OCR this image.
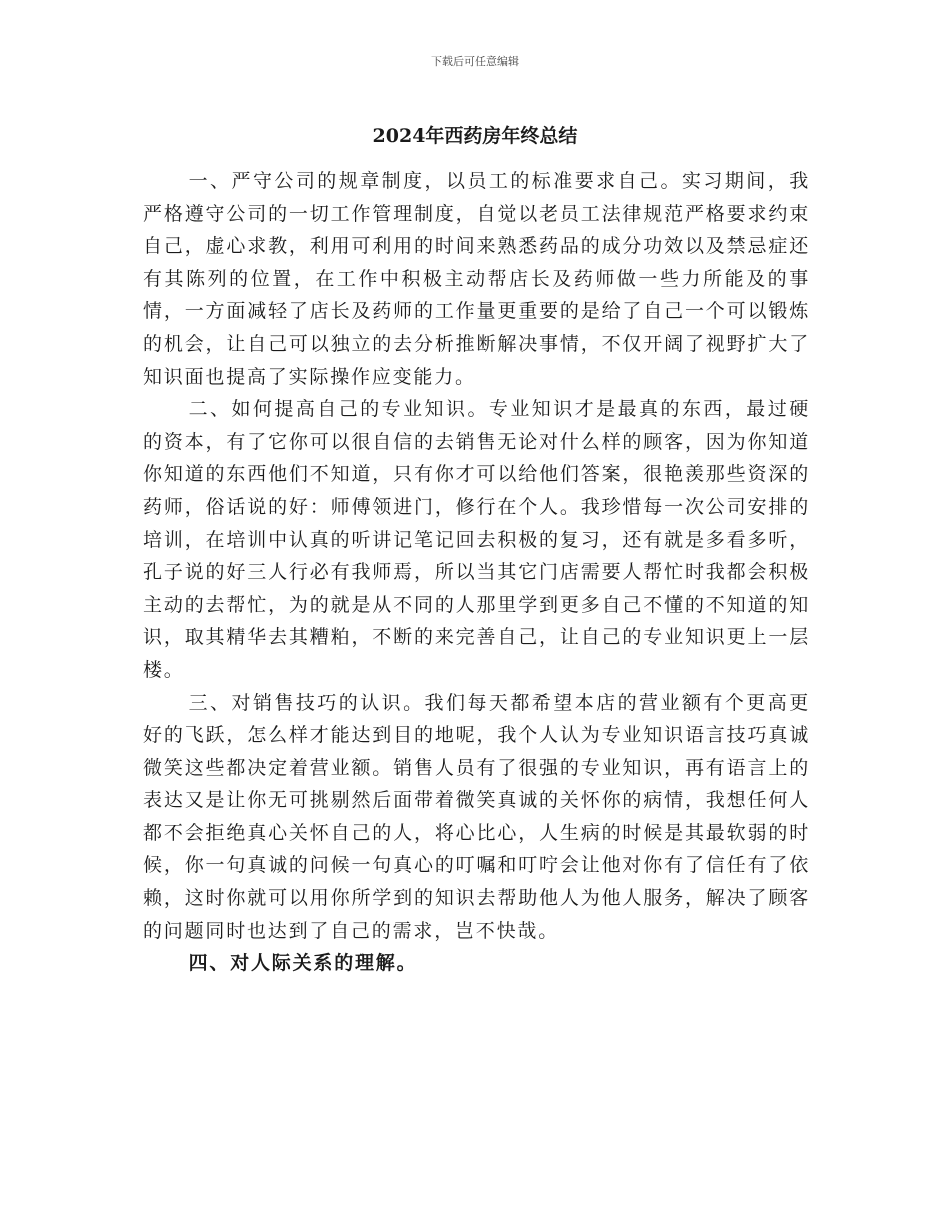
下载后可任意编辑
2024年西药房年终总结

一、严守公司的规章制度，以员工的标准要求自己。实习期间，我严格遵守公司的一切工作管理制度，自觉以老员工法律规范严格要求约束自己，虚心求教，利用可利用的时间来熟悉药品的成分功效以及禁忌症还有其陈列的位置，在工作中积极主动帮店长及药师做一些力所能及的事情，一方面减轻了店长及药师的工作量更重要的是给了自己一个可以锻炼的机会，让自己可以独立的去分析推断解决事情，不仅开阔了视野扩大了知识面也提高了实际操作应变能力。

二、如何提高自己的专业知识。专业知识才是最真的东西，最过硬的资本，有了它你可以很自信的去销售无论对什么样的顾客，因为你知道你知道的东西他们不知道，只有你才可以给他们答案，很艳羡那些资深的药师，俗话说的好：师傅领进门，修行在个人。我珍惜每一次公司安排的培训，在培训中认真的听讲记笔记回去积极的复习，还有就是多看多听，孔子说的好三人行必有我师焉，所以当其它门店需要人帮忙时我都会积极主动的去帮忙，为的就是从不同的人那里学到更多自己不懂的不知道的知识，取其精华去其糟粕，不断的来完善自己，让自己的专业知识更上一层楼。

三、对销售技巧的认识。我们每天都希望本店的营业额有个更高更好的飞跃，怎么样才能达到目的地呢，我个人认为专业知识语言技巧真诚微笑这些都决定着营业额。销售人员有了很强的专业知识，再有语言上的表达又是让你无可挑剔然后面带着微笑真诚的关怀你的病情，我想任何人都不会拒绝真心关怀自己的人，将心比心，人生病的时候是其最软弱的时候，你一句真诚的问候一句真心的叮嘱和叮咛会让他对你有了信任有了依赖，这时你就可以用你所学到的知识去帮助他人为他人服务，解决了顾客的问题同时也达到了自己的需求，岂不快哉。

四、对人际关系的理解。
